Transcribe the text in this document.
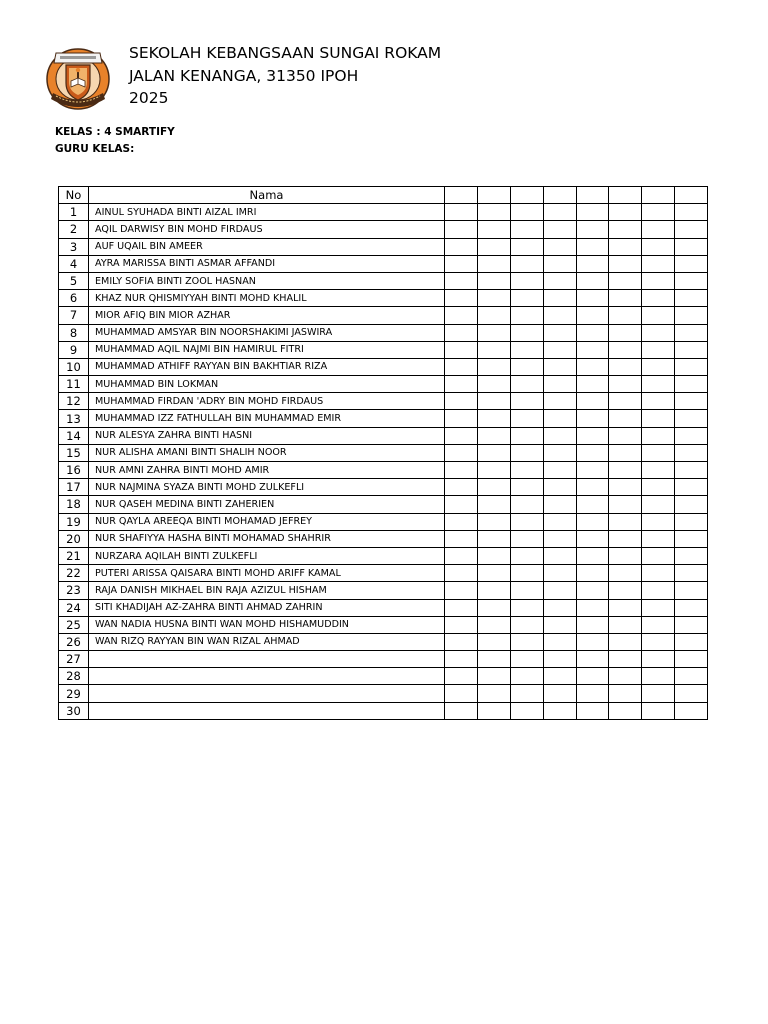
SEKOLAH KEBANGSAAN SUNGAI ROKAM
JALAN KENANGA, 31350 IPOH
2025
KELAS : 4 SMARTIFY
GURU KELAS:
No	Nama								
1	AINUL SYUHADA BINTI AIZAL IMRI								
2	AQIL DARWISY BIN MOHD FIRDAUS								
3	AUF UQAIL BIN AMEER								
4	AYRA MARISSA BINTI ASMAR AFFANDI								
5	EMILY SOFIA BINTI ZOOL HASNAN								
6	KHAZ NUR QHISMIYYAH BINTI MOHD KHALIL								
7	MIOR AFIQ BIN MIOR AZHAR								
8	MUHAMMAD AMSYAR BIN NOORSHAKIMI JASWIRA								
9	MUHAMMAD AQIL NAJMI BIN HAMIRUL FITRI								
10	MUHAMMAD ATHIFF RAYYAN BIN BAKHTIAR RIZA								
11	MUHAMMAD BIN LOKMAN								
12	MUHAMMAD FIRDAN 'ADRY BIN MOHD FIRDAUS								
13	MUHAMMAD IZZ FATHULLAH BIN MUHAMMAD EMIR								
14	NUR ALESYA ZAHRA BINTI HASNI								
15	NUR ALISHA AMANI BINTI SHALIH NOOR								
16	NUR AMNI ZAHRA BINTI MOHD AMIR								
17	NUR NAJMINA SYAZA BINTI MOHD ZULKEFLI								
18	NUR QASEH MEDINA BINTI ZAHERIEN								
19	NUR QAYLA AREEQA BINTI MOHAMAD JEFREY								
20	NUR SHAFIYYA HASHA BINTI MOHAMAD SHAHRIR								
21	NURZARA AQILAH BINTI ZULKEFLI								
22	PUTERI ARISSA QAISARA BINTI MOHD ARIFF KAMAL								
23	RAJA DANISH MIKHAEL BIN RAJA AZIZUL HISHAM								
24	SITI KHADIJAH AZ-ZAHRA BINTI AHMAD ZAHRIN								
25	WAN NADIA HUSNA BINTI WAN MOHD HISHAMUDDIN								
26	WAN RIZQ RAYYAN BIN WAN RIZAL AHMAD								
27									
28									
29									
30									
